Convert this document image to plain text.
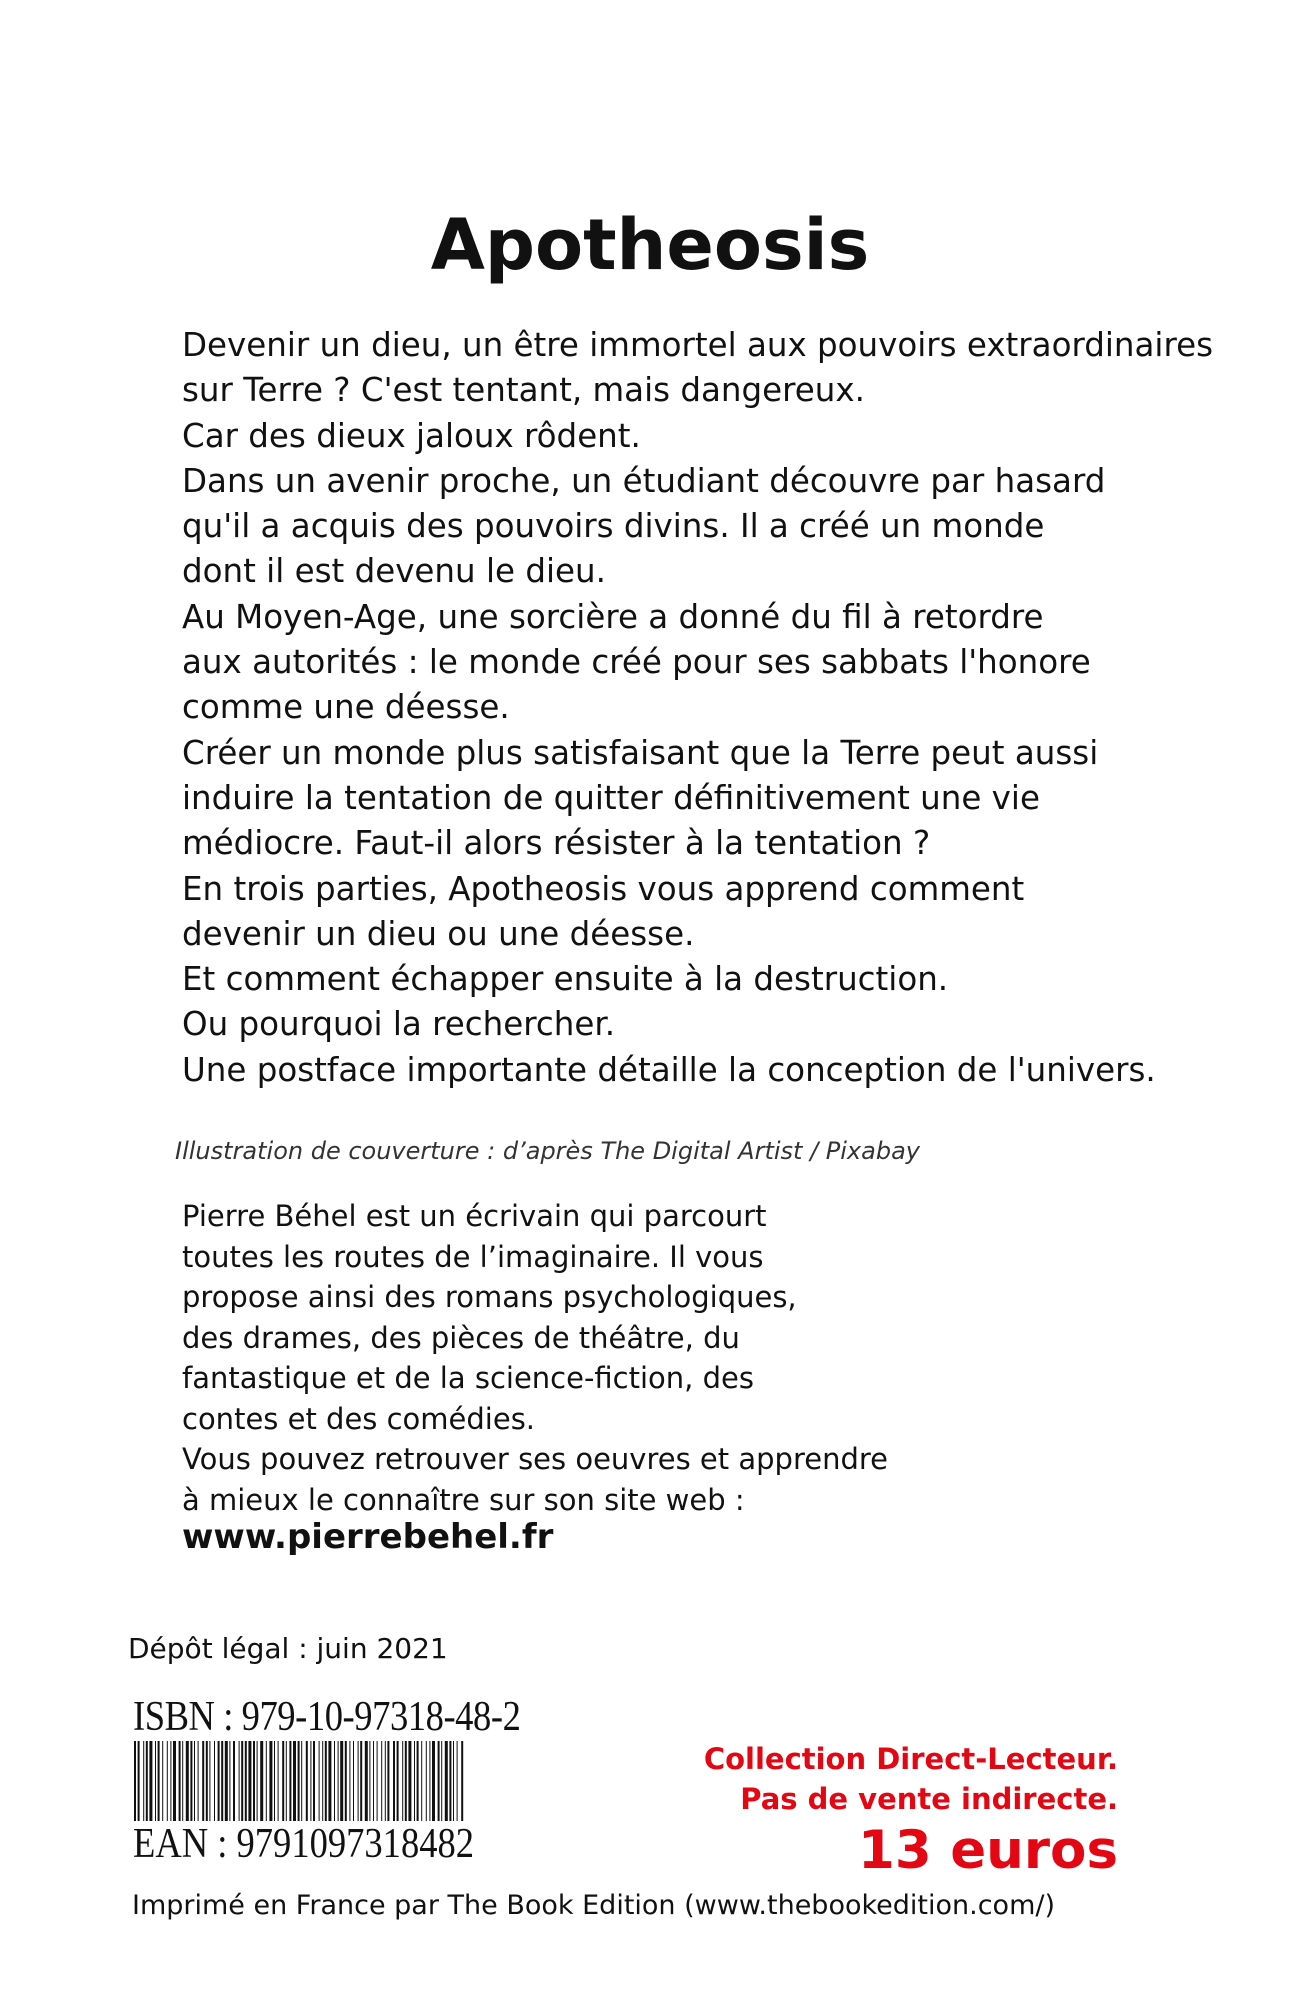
Apotheosis
Devenir un dieu, un être immortel aux pouvoirs extraordinaires
sur Terre ? C'est tentant, mais dangereux.
Car des dieux jaloux rôdent.
Dans un avenir proche, un étudiant découvre par hasard
qu'il a acquis des pouvoirs divins. Il a créé un monde
dont il est devenu le dieu.
Au Moyen-Age, une sorcière a donné du fil à retordre
aux autorités : le monde créé pour ses sabbats l'honore
comme une déesse.
Créer un monde plus satisfaisant que la Terre peut aussi
induire la tentation de quitter définitivement une vie
médiocre. Faut-il alors résister à la tentation ?
En trois parties, Apotheosis vous apprend comment
devenir un dieu ou une déesse.
Et comment échapper ensuite à la destruction.
Ou pourquoi la rechercher.
Une postface importante détaille la conception de l'univers.
Illustration de couverture : d’après The Digital Artist / Pixabay
Pierre Béhel est un écrivain qui parcourt
toutes les routes de l’imaginaire. Il vous
propose ainsi des romans psychologiques,
des drames, des pièces de théâtre, du
fantastique et de la science-fiction, des
contes et des comédies.
Vous pouvez retrouver ses oeuvres et apprendre
à mieux le connaître sur son site web :
www.pierrebehel.fr
Dépôt légal : juin 2021
ISBN : 979-10-97318-48-2
EAN : 9791097318482
Collection Direct-Lecteur.
Pas de vente indirecte.
13 euros
Imprimé en France par The Book Edition (www.thebookedition.com/)
